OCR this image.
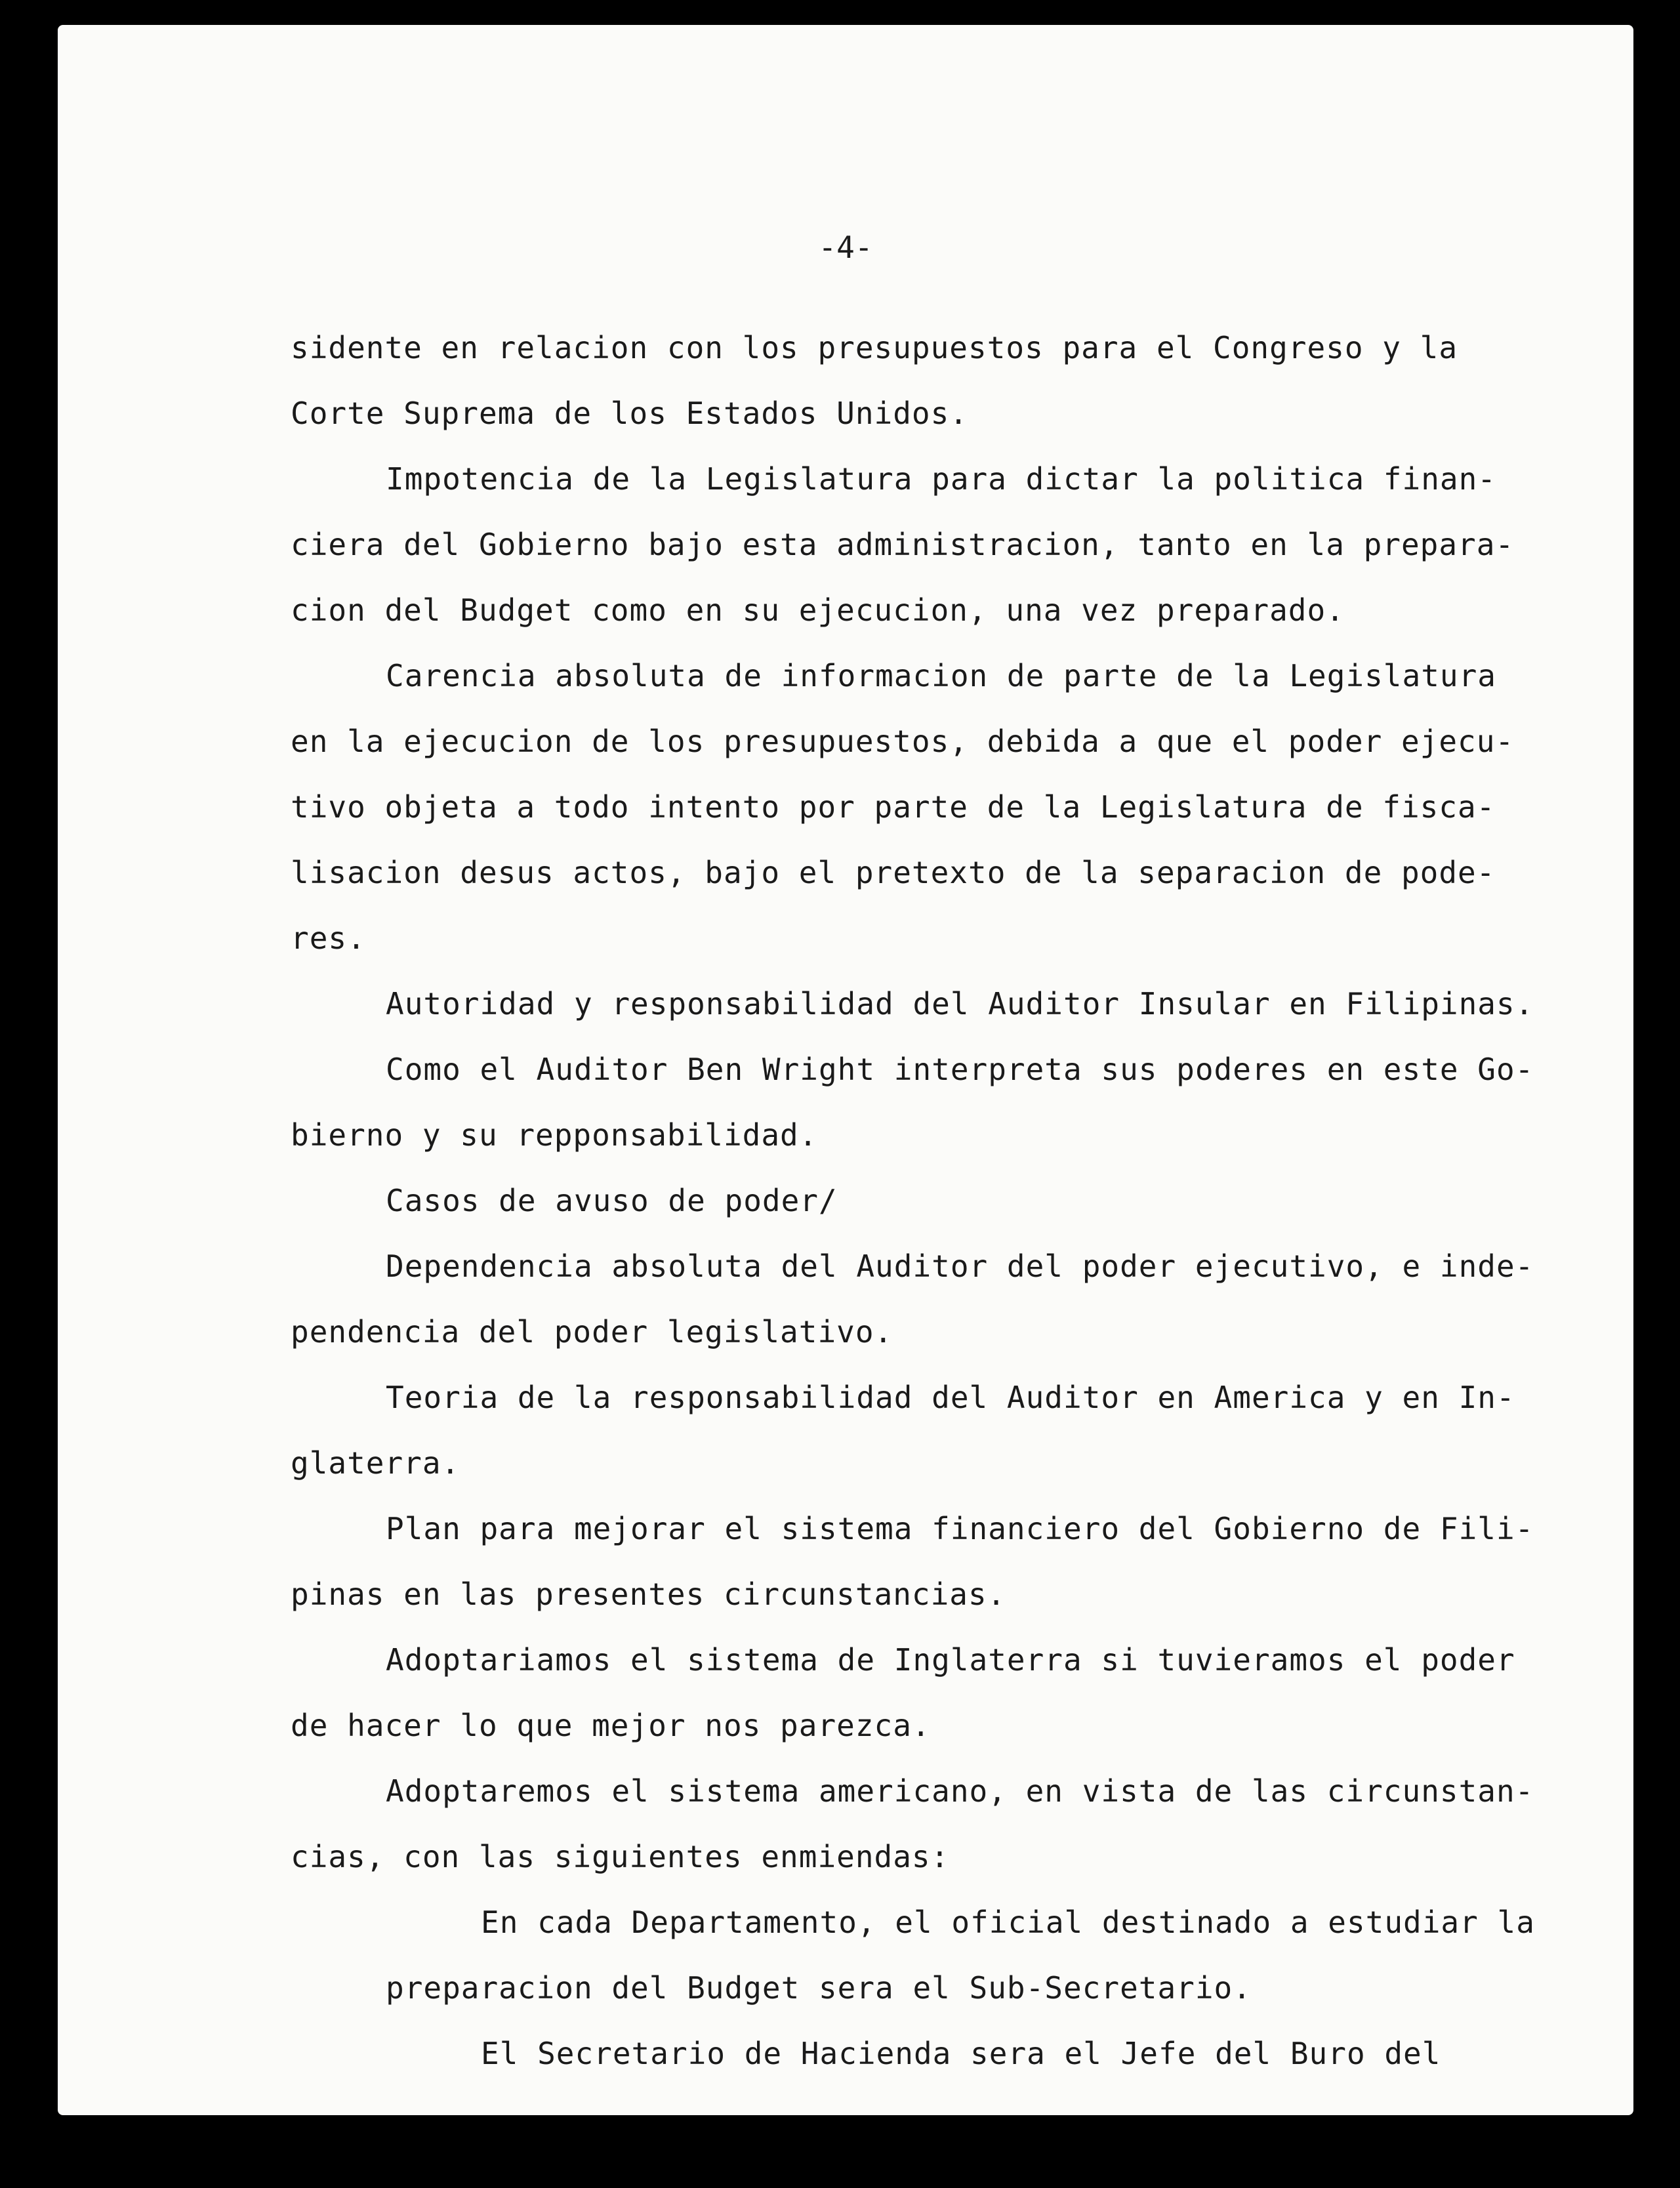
-4-
sidente en relacion con los presupuestos para el Congreso y la
Corte Suprema de los Estados Unidos.
Impotencia de la Legislatura para dictar la politica finan-
ciera del Gobierno bajo esta administracion, tanto en la prepara-
cion del Budget como en su ejecucion, una vez preparado.
Carencia absoluta de informacion de parte de la Legislatura
en la ejecucion de los presupuestos, debida a que el poder ejecu-
tivo objeta a todo intento por parte de la Legislatura de fisca-
lisacion desus actos, bajo el pretexto de la separacion de pode-
res.
Autoridad y responsabilidad del Auditor Insular en Filipinas.
Como el Auditor Ben Wright interpreta sus poderes en este Go-
bierno y su repponsabilidad.
Casos de avuso de poder/
Dependencia absoluta del Auditor del poder ejecutivo, e inde-
pendencia del poder legislativo.
Teoria de la responsabilidad del Auditor en America y en In-
glaterra.
Plan para mejorar el sistema financiero del Gobierno de Fili-
pinas en las presentes circunstancias.
Adoptariamos el sistema de Inglaterra si tuvieramos el poder
de hacer lo que mejor nos parezca.
Adoptaremos el sistema americano, en vista de las circunstan-
cias, con las siguientes enmiendas:
En cada Departamento, el oficial destinado a estudiar la
preparacion del Budget sera el Sub-Secretario.
El Secretario de Hacienda sera el Jefe del Buro del
